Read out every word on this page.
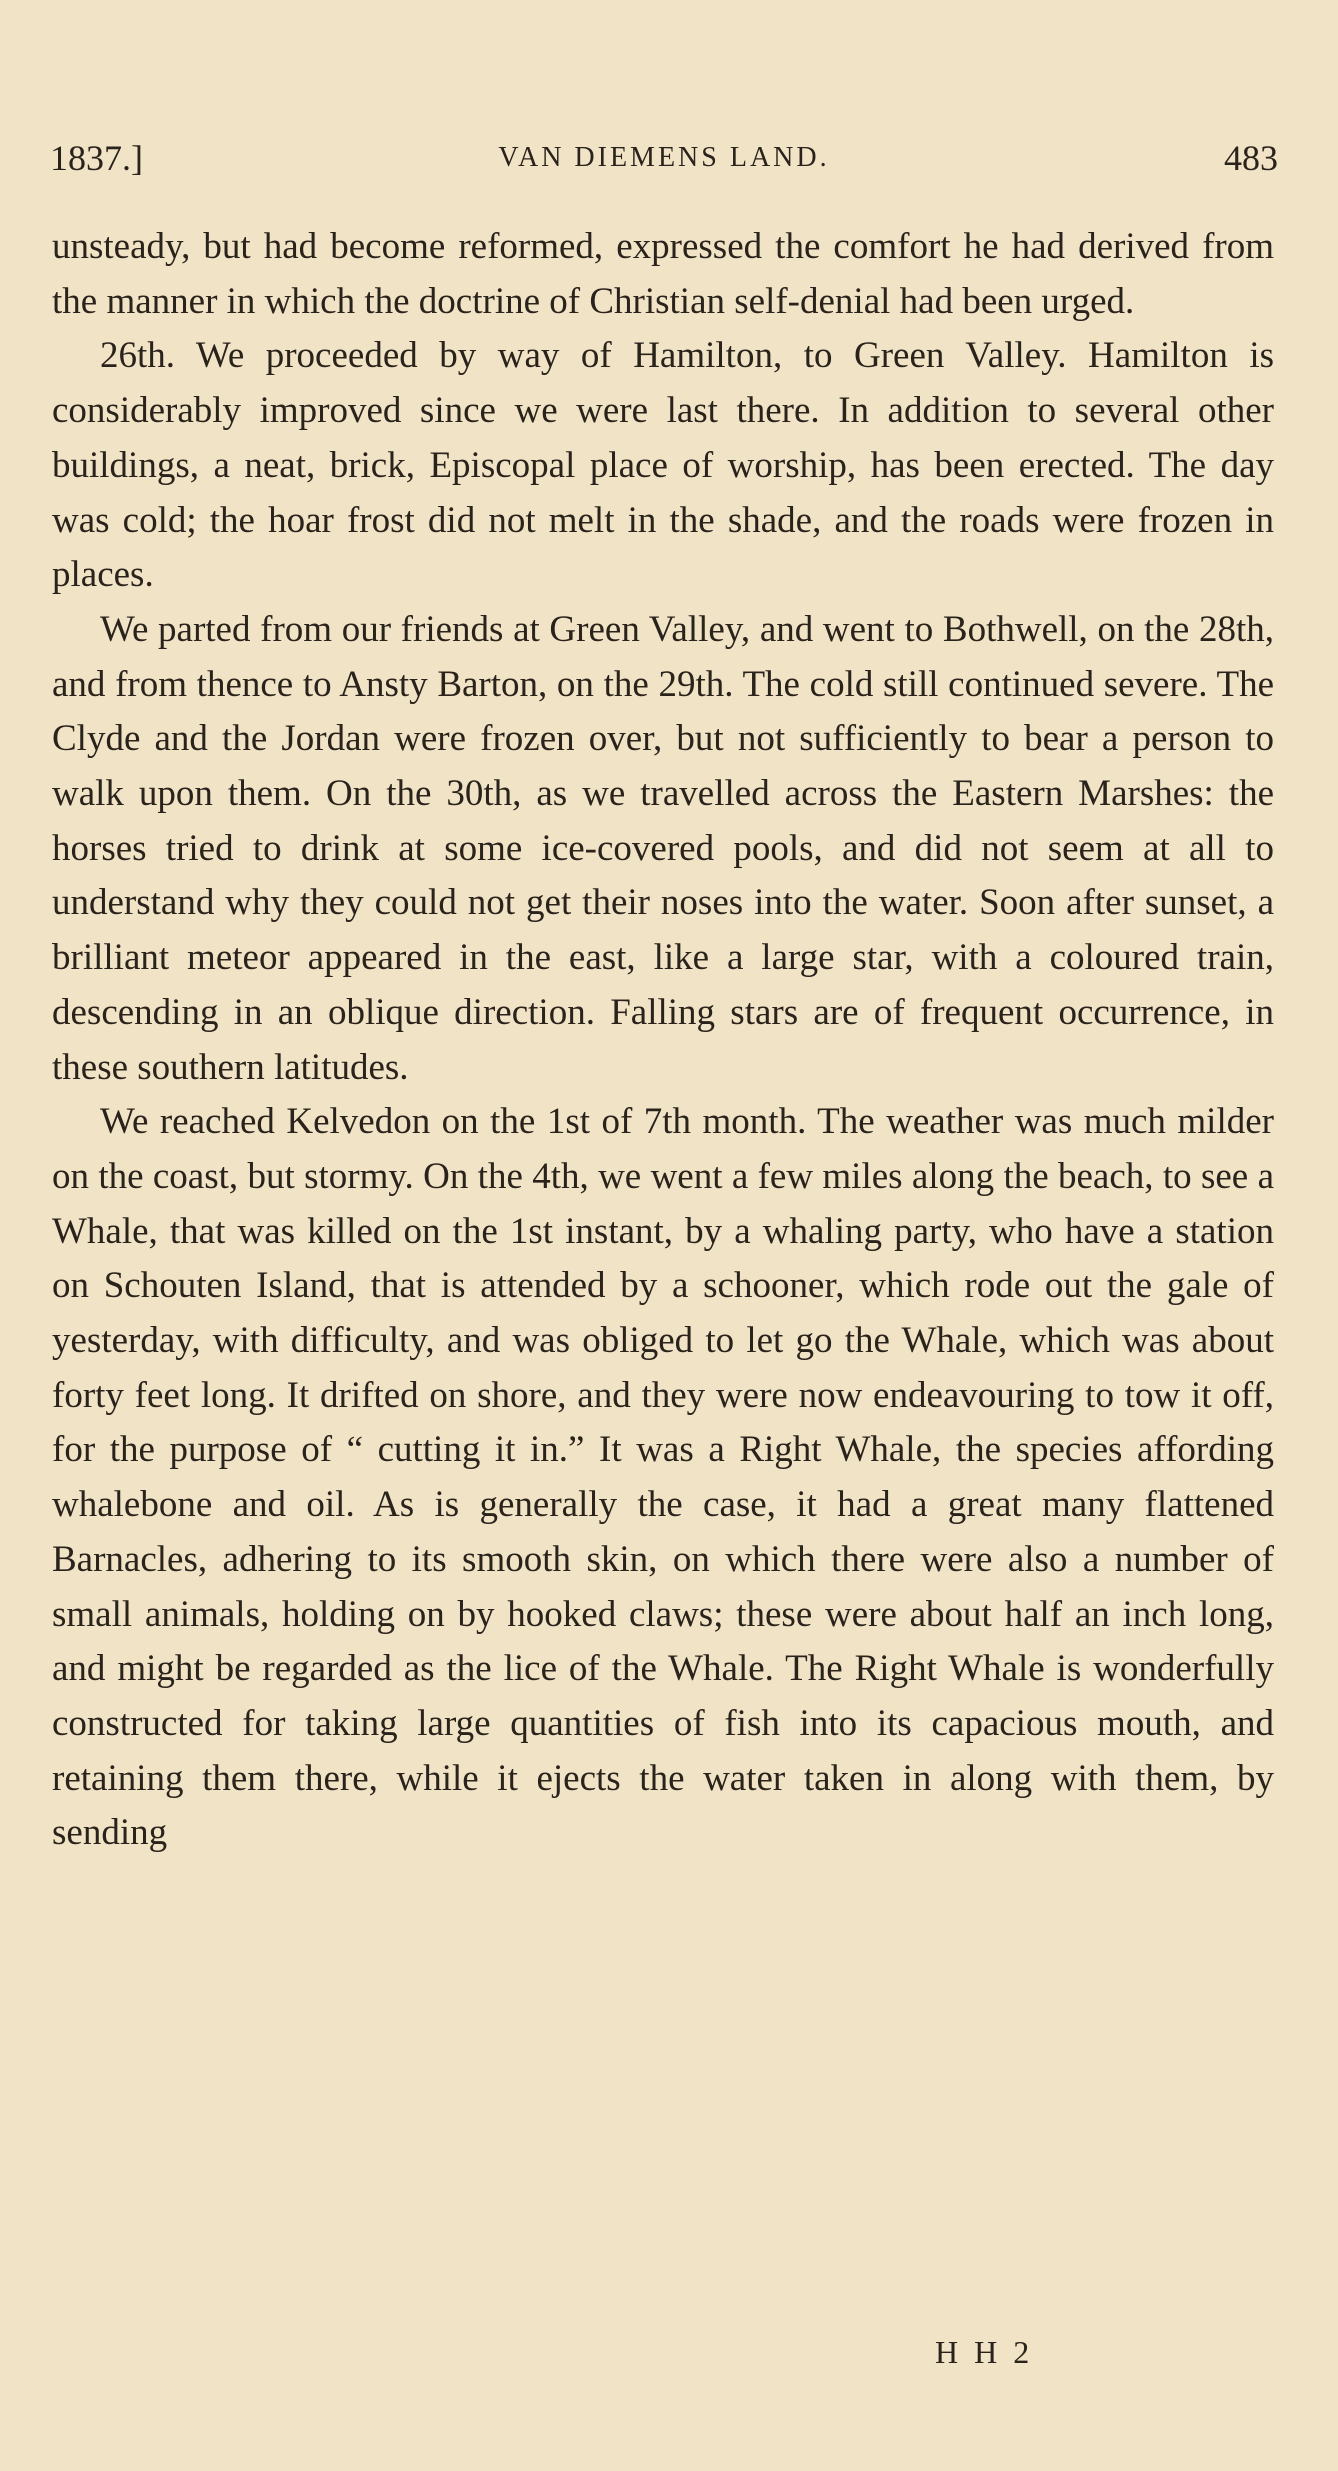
1837.]	VAN DIEMENS LAND.	483

unsteady, but had become reformed, expressed the comfort he had derived from the manner in which the doctrine of Christian self-denial had been urged.

26th. We proceeded by way of Hamilton, to Green Valley. Hamilton is considerably improved since we were last there. In addition to several other buildings, a neat, brick, Episcopal place of worship, has been erected. The day was cold; the hoar frost did not melt in the shade, and the roads were frozen in places.

We parted from our friends at Green Valley, and went to Bothwell, on the 28th, and from thence to Ansty Barton, on the 29th. The cold still continued severe. The Clyde and the Jordan were frozen over, but not sufficiently to bear a person to walk upon them. On the 30th, as we travelled across the Eastern Marshes: the horses tried to drink at some ice-covered pools, and did not seem at all to understand why they could not get their noses into the water. Soon after sunset, a brilliant meteor appeared in the east, like a large star, with a coloured train, descending in an oblique direction. Falling stars are of frequent occurrence, in these southern latitudes.

We reached Kelvedon on the 1st of 7th month. The weather was much milder on the coast, but stormy. On the 4th, we went a few miles along the beach, to see a Whale, that was killed on the 1st instant, by a whaling party, who have a station on Schouten Island, that is attended by a schooner, which rode out the gale of yesterday, with difficulty, and was obliged to let go the Whale, which was about forty feet long. It drifted on shore, and they were now endeavouring to tow it off, for the purpose of “ cutting it in.” It was a Right Whale, the species affording whalebone and oil. As is generally the case, it had a great many flattened Barnacles, adhering to its smooth skin, on which there were also a number of small animals, holding on by hooked claws; these were about half an inch long, and might be regarded as the lice of the Whale. The Right Whale is wonderfully constructed for taking large quantities of fish into its capacious mouth, and retaining them there, while it ejects the water taken in along with them, by sending

H H 2
